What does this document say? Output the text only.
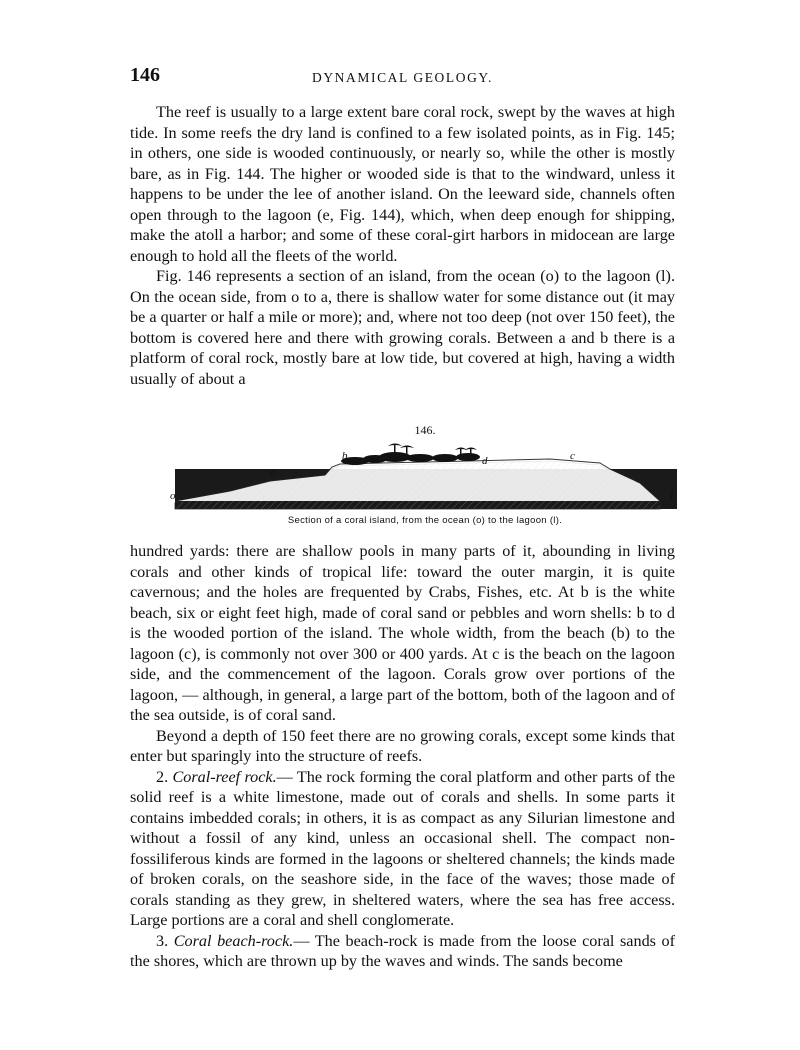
146	DYNAMICAL GEOLOGY.

The reef is usually to a large extent bare coral rock, swept by the waves at high tide. In some reefs the dry land is confined to a few isolated points, as in Fig. 145; in others, one side is wooded continuously, or nearly so, while the other is mostly bare, as in Fig. 144. The higher or wooded side is that to the windward, unless it happens to be under the lee of another island. On the leeward side, channels often open through to the lagoon (e, Fig. 144), which, when deep enough for shipping, make the atoll a harbor; and some of these coral-girt harbors in midocean are large enough to hold all the fleets of the world.

Fig. 146 represents a section of an island, from the ocean (o) to the lagoon (l). On the ocean side, from o to a, there is shallow water for some distance out (it may be a quarter or half a mile or more); and, where not too deep (not over 150 feet), the bottom is covered here and there with growing corals. Between a and b there is a platform of coral rock, mostly bare at low tide, but covered at high, having a width usually of about a

146.
o
a
b	d	c
l
Section of a coral island, from the ocean (o) to the lagoon (l).

hundred yards: there are shallow pools in many parts of it, abounding in living corals and other kinds of tropical life: toward the outer margin, it is quite cavernous; and the holes are frequented by Crabs, Fishes, etc. At b is the white beach, six or eight feet high, made of coral sand or pebbles and worn shells: b to d is the wooded portion of the island. The whole width, from the beach (b) to the lagoon (c), is commonly not over 300 or 400 yards. At c is the beach on the lagoon side, and the commencement of the lagoon. Corals grow over portions of the lagoon, — although, in general, a large part of the bottom, both of the lagoon and of the sea outside, is of coral sand.

Beyond a depth of 150 feet there are no growing corals, except some kinds that enter but sparingly into the structure of reefs.

2. Coral-reef rock.— The rock forming the coral platform and other parts of the solid reef is a white limestone, made out of corals and shells. In some parts it contains imbedded corals; in others, it is as compact as any Silurian limestone and without a fossil of any kind, unless an occasional shell. The compact non-fossiliferous kinds are formed in the lagoons or sheltered channels; the kinds made of broken corals, on the seashore side, in the face of the waves; those made of corals standing as they grew, in sheltered waters, where the sea has free access. Large portions are a coral and shell conglomerate.

3. Coral beach-rock.— The beach-rock is made from the loose coral sands of the shores, which are thrown up by the waves and winds. The sands become
